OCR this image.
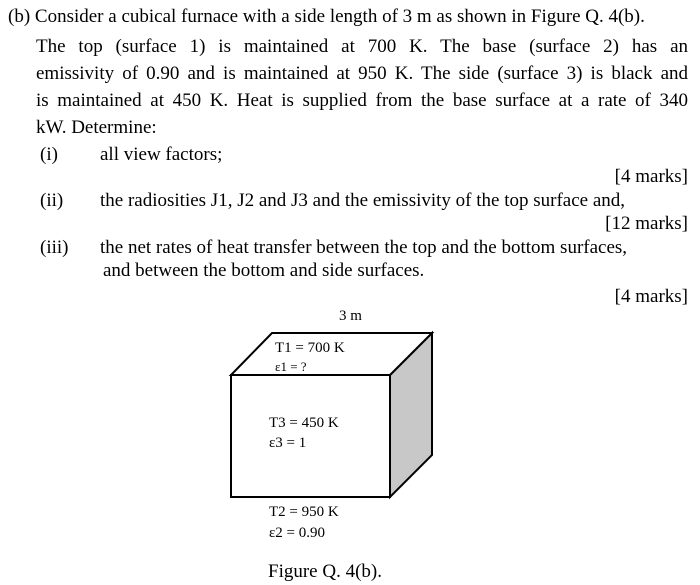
(b) Consider a cubical furnace with a side length of 3 m as shown in Figure Q. 4(b).
The top (surface 1) is maintained at 700 K. The base (surface 2) has an
emissivity of 0.90 and is maintained at 950 K. The side (surface 3) is black and
is maintained at 450 K. Heat is supplied from the base surface at a rate of 340
kW. Determine:
(i) all view factors;
[4 marks]
(ii) the radiosities J1, J2 and J3 and the emissivity of the top surface and,
[12 marks]
(iii) the net rates of heat transfer between the top and the bottom surfaces,
and between the bottom and side surfaces.
[4 marks]
3 m
T1 = 700 K
ε1 = ?
T3 = 450 K
ε3 = 1
T2 = 950 K
ε2 = 0.90
Figure Q. 4(b).
